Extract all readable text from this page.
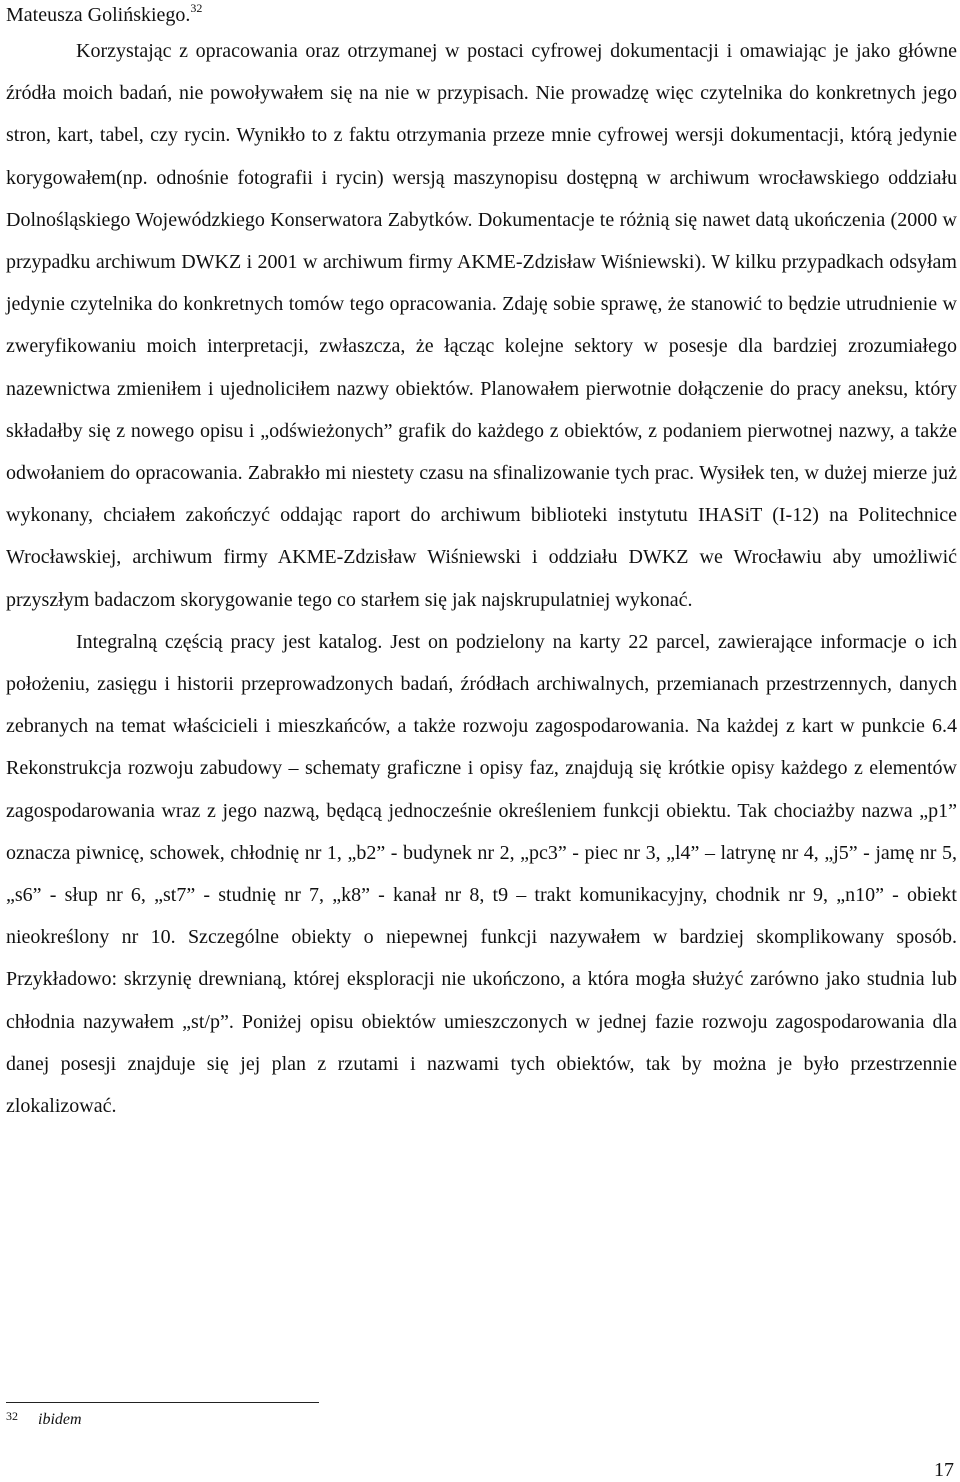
Mateusza Golińskiego.$^{32}$

Korzystając z opracowania oraz otrzymanej w postaci cyfrowej dokumentacji i omawiając je jako główne źródła moich badań, nie powoływałem się na nie w przypisach. Nie prowadzę więc czytelnika do konkretnych jego stron, kart, tabel, czy rycin. Wynikło to z faktu otrzymania przeze mnie cyfrowej wersji dokumentacji, którą jedynie korygowałem(np. odnośnie fotografii i rycin) wersją maszynopisu dostępną w archiwum wrocławskiego oddziału Dolnośląskiego Wojewódzkiego Konserwatora Zabytków. Dokumentacje te różnią się nawet datą ukończenia (2000 w przypadku archiwum DWKZ i 2001 w archiwum firmy AKME-Zdzisław Wiśniewski). W kilku przypadkach odsyłam jedynie czytelnika do konkretnych tomów tego opracowania. Zdaję sobie sprawę, że stanowić to będzie utrudnienie w zweryfikowaniu moich interpretacji, zwłaszcza, że łącząc kolejne sektory w posesje dla bardziej zrozumiałego nazewnictwa zmieniłem i ujednoliciłem nazwy obiektów. Planowałem pierwotnie dołączenie do pracy aneksu, który składałby się z nowego opisu i „odświeżonych” grafik do każdego z obiektów, z podaniem pierwotnej nazwy, a także odwołaniem do opracowania. Zabrakło mi niestety czasu na sfinalizowanie tych prac. Wysiłek ten, w dużej mierze już wykonany, chciałem zakończyć oddając raport do archiwum biblioteki instytutu IHASiT (I-12) na Politechnice Wrocławskiej, archiwum firmy AKME-Zdzisław Wiśniewski i oddziału DWKZ we Wrocławiu aby umożliwić przyszłym badaczom skorygowanie tego co starłem się jak najskrupulatniej wykonać.

Integralną częścią pracy jest katalog. Jest on podzielony na karty 22 parcel, zawierające informacje o ich położeniu, zasięgu i historii przeprowadzonych badań, źródłach archiwalnych, przemianach przestrzennych, danych zebranych na temat właścicieli i mieszkańców, a także rozwoju zagospodarowania. Na każdej z kart w punkcie 6.4 Rekonstrukcja rozwoju zabudowy – schematy graficzne i opisy faz, znajdują się krótkie opisy każdego z elementów zagospodarowania wraz z jego nazwą, będącą jednocześnie określeniem funkcji obiektu. Tak chociażby nazwa „p1” oznacza piwnicę, schowek, chłodnię nr 1, „b2” - budynek nr 2, „pc3” - piec nr 3, „l4” – latrynę nr 4, „j5” - jamę nr 5, „s6” - słup nr 6, „st7” - studnię nr 7, „k8” - kanał nr 8, t9 – trakt komunikacyjny, chodnik nr 9, „n10” - obiekt nieokreślony nr 10. Szczególne obiekty o niepewnej funkcji nazywałem w bardziej skomplikowany sposób. Przykładowo: skrzynię drewnianą, której eksploracji nie ukończono, a która mogła służyć zarówno jako studnia lub chłodnia nazywałem „st/p”. Poniżej opisu obiektów umieszczonych w jednej fazie rozwoju zagospodarowania dla danej posesji znajduje się jej plan z rzutami i nazwami tych obiektów, tak by można je było przestrzennie zlokalizować.

32 ibidem
17
